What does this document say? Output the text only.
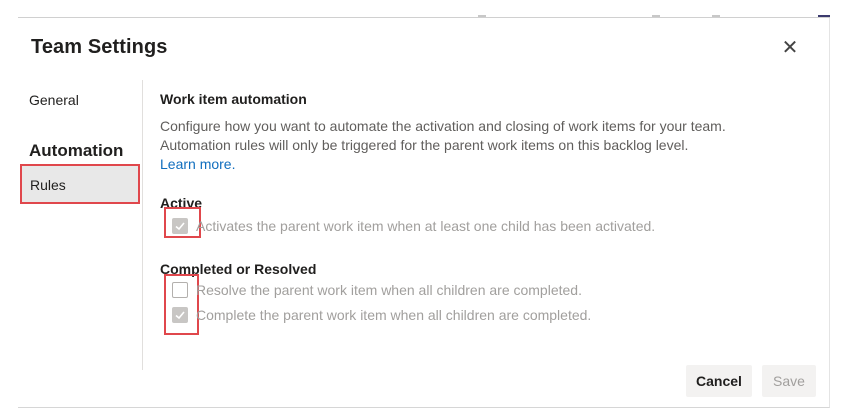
Team Settings	✕
General
Automation
Rules
Work item automation
Configure how you want to automate the activation and closing of work items for your team.
Automation rules will only be triggered for the parent work items on this backlog level.
Learn more.
Active
Activates the parent work item when at least one child has been activated.
Completed or Resolved
Resolve the parent work item when all children are completed.
Complete the parent work item when all children are completed.
Cancel	Save
